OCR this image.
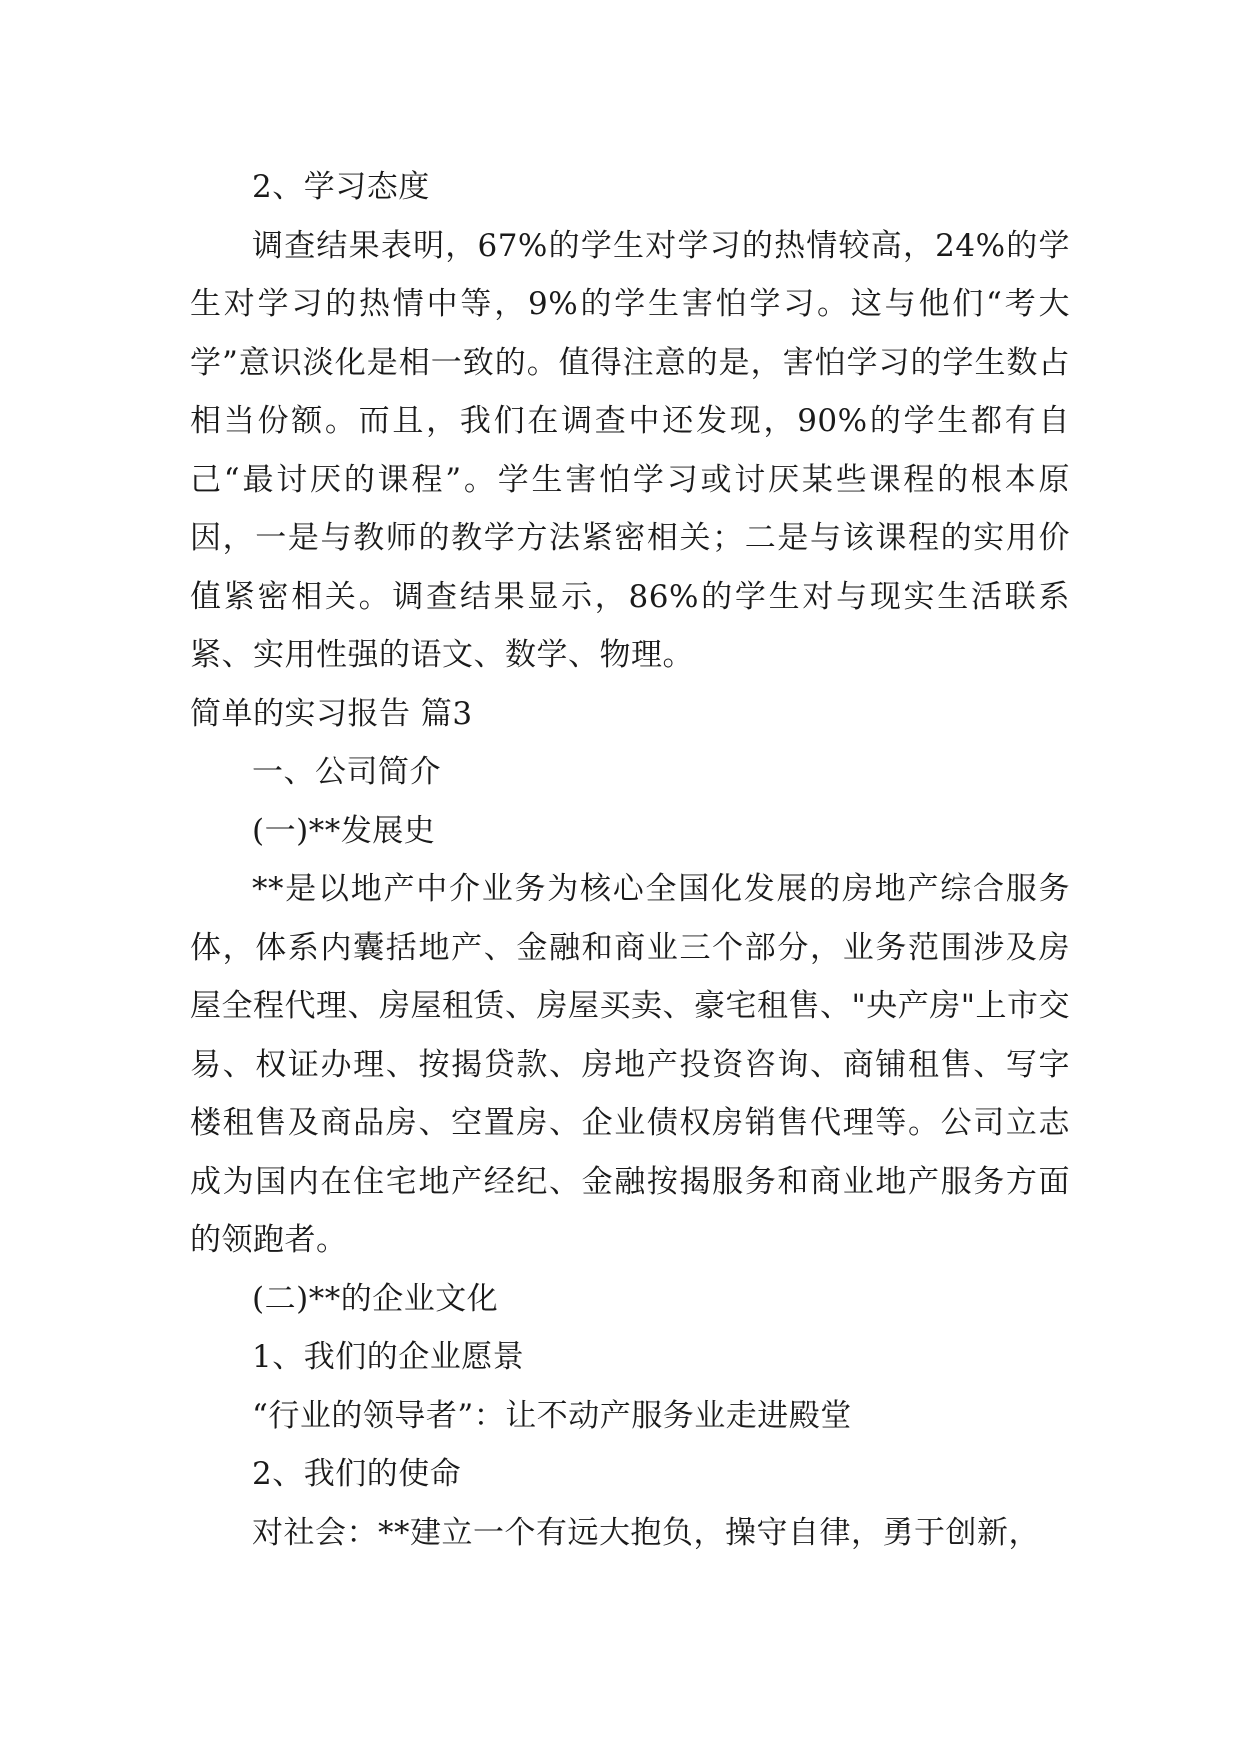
2、学习态度

调查结果表明，67%的学生对学习的热情较高，24%的学生对学习的热情中等，9%的学生害怕学习。这与他们“考大学”意识淡化是相一致的。值得注意的是，害怕学习的学生数占相当份额。而且，我们在调查中还发现，90%的学生都有自己“最讨厌的课程”。学生害怕学习或讨厌某些课程的根本原因，一是与教师的教学方法紧密相关；二是与该课程的实用价值紧密相关。调查结果显示，86%的学生对与现实生活联系紧、实用性强的语文、数学、物理。

简单的实习报告 篇3

一、公司简介

(一)**发展史

**是以地产中介业务为核心全国化发展的房地产综合服务体，体系内囊括地产、金融和商业三个部分，业务范围涉及房屋全程代理、房屋租赁、房屋买卖、豪宅租售、"央产房"上市交易、权证办理、按揭贷款、房地产投资咨询、商铺租售、写字楼租售及商品房、空置房、企业债权房销售代理等。公司立志成为国内在住宅地产经纪、金融按揭服务和商业地产服务方面的领跑者。

(二)**的企业文化

1、我们的企业愿景

“行业的领导者”：让不动产服务业走进殿堂

2、我们的使命

对社会：**建立一个有远大抱负，操守自律，勇于创新，
